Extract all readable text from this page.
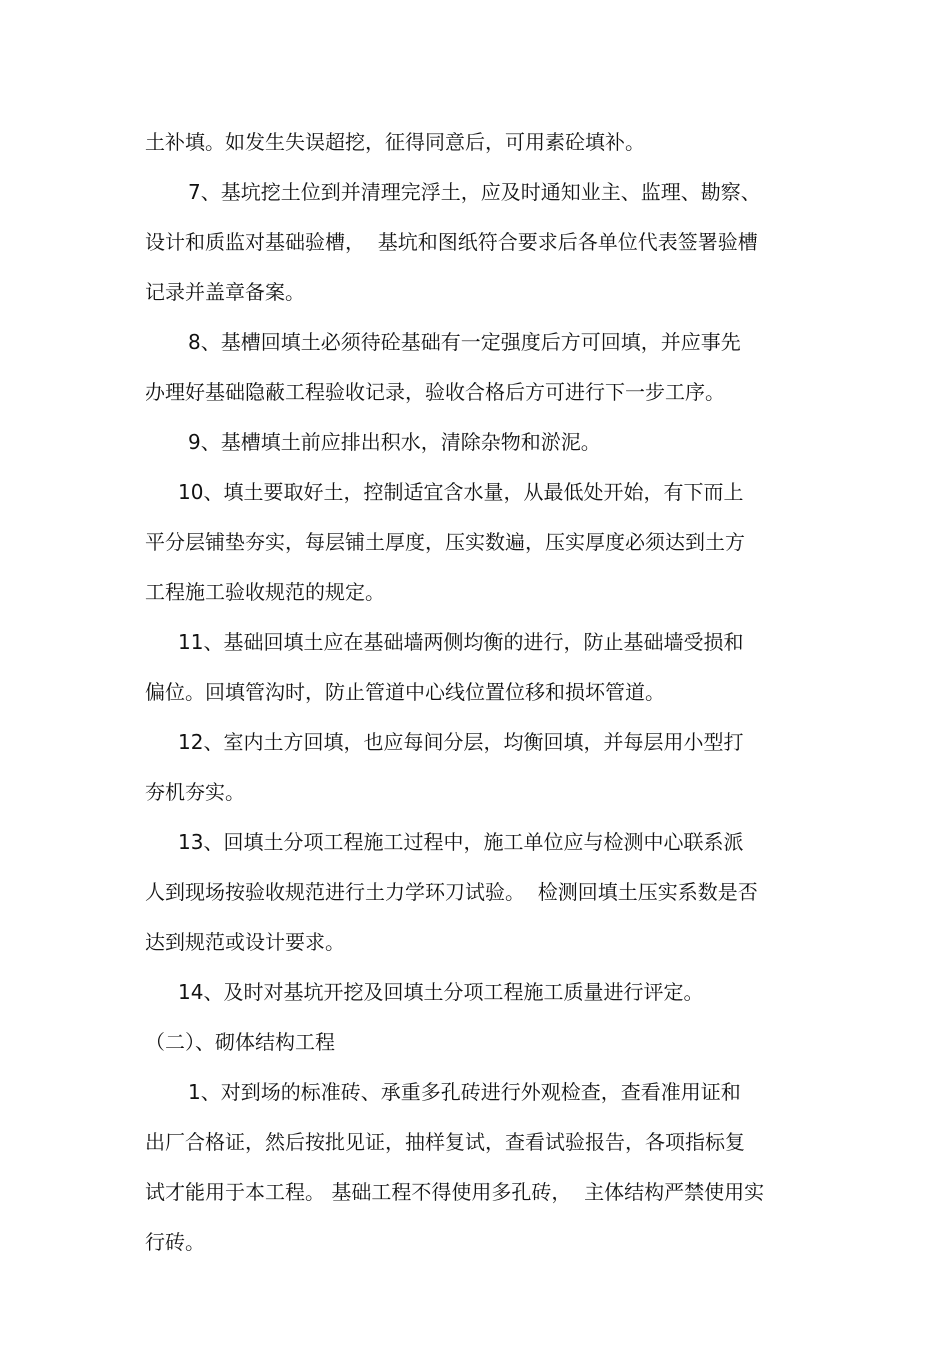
土补填。如发生失误超挖，征得同意后，可用素砼填补。
7、基坑挖土位到并清理完浮土，应及时通知业主、监理、勘察、
设计和质监对基础验槽，  基坑和图纸符合要求后各单位代表签署验槽
记录并盖章备案。
8、基槽回填土必须待砼基础有一定强度后方可回填，并应事先
办理好基础隐蔽工程验收记录，验收合格后方可进行下一步工序。
9、基槽填土前应排出积水，清除杂物和淤泥。
10、填土要取好土，控制适宜含水量，从最低处开始，有下而上
平分层铺垫夯实，每层铺土厚度，压实数遍，压实厚度必须达到土方
工程施工验收规范的规定。
11、基础回填土应在基础墙两侧均衡的进行，防止基础墙受损和
偏位。回填管沟时，防止管道中心线位置位移和损坏管道。
12、室内土方回填，也应每间分层，均衡回填，并每层用小型打
夯机夯实。
13、回填土分项工程施工过程中，施工单位应与检测中心联系派
人到现场按验收规范进行土力学环刀试验。  检测回填土压实系数是否
达到规范或设计要求。
14、及时对基坑开挖及回填土分项工程施工质量进行评定。
（二）、砌体结构工程
1、对到场的标准砖、承重多孔砖进行外观检查，查看准用证和
出厂合格证，然后按批见证，抽样复试，查看试验报告，各项指标复
试才能用于本工程。 基础工程不得使用多孔砖，  主体结构严禁使用实
行砖。
